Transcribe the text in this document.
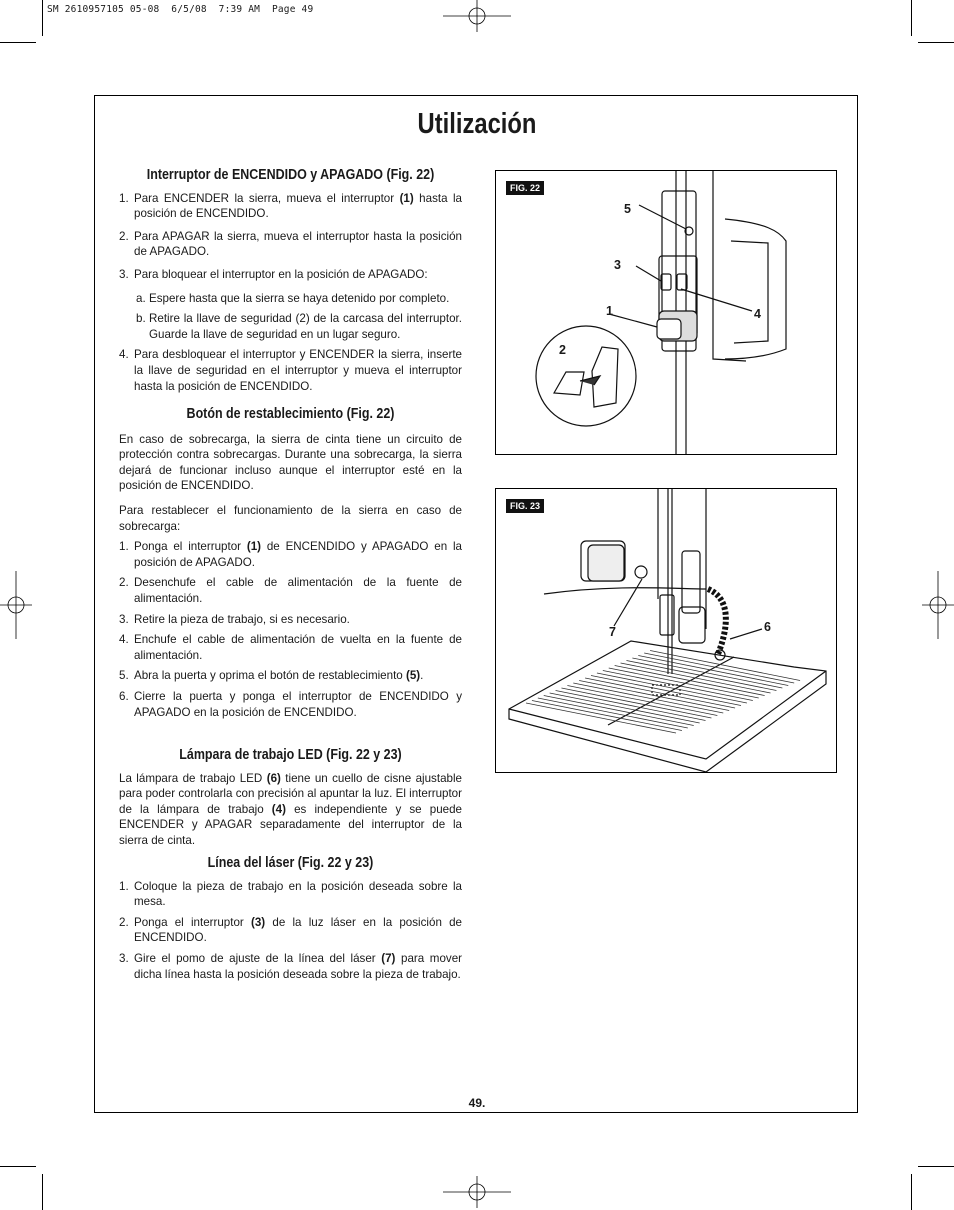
SM 2610957105 05-08  6/5/08  7:39 AM  Page 49
Utilización

Interruptor de ENCENDIDO y APAGADO (Fig. 22)

1. Para ENCENDER la sierra, mueva el interruptor (1) hasta la posición de ENCENDIDO.
2. Para APAGAR la sierra, mueva el interruptor hasta la posición de APAGADO.
3. Para bloquear el interruptor en la posición de APAGADO:
a. Espere hasta que la sierra se haya detenido por completo.
b. Retire la llave de seguridad (2) de la carcasa del interruptor. Guarde la llave de seguridad en un lugar seguro.
4. Para desbloquear el interruptor y ENCENDER la sierra, inserte la llave de seguridad en el interruptor y mueva el interruptor hasta la posición de ENCENDIDO.

Botón de restablecimiento (Fig. 22)

En caso de sobrecarga, la sierra de cinta tiene un circuito de protección contra sobrecargas. Durante una sobrecarga, la sierra dejará de funcionar incluso aunque el interruptor esté en la posición de ENCENDIDO.

Para restablecer el funcionamiento de la sierra en caso de sobrecarga:

1. Ponga el interruptor (1) de ENCENDIDO y APAGADO en la posición de APAGADO.
2. Desenchufe el cable de alimentación de la fuente de alimentación.
3. Retire la pieza de trabajo, si es necesario.
4. Enchufe el cable de alimentación de vuelta en la fuente de alimentación.
5. Abra la puerta y oprima el botón de restablecimiento (5).
6. Cierre la puerta y ponga el interruptor de ENCENDIDO y APAGADO en la posición de ENCENDIDO.

Lámpara de trabajo LED (Fig. 22 y 23)

La lámpara de trabajo LED (6) tiene un cuello de cisne ajustable para poder controlarla con precisión al apuntar la luz. El interruptor de la lámpara de trabajo (4) es independiente y se puede ENCENDER y APAGAR separadamente del interruptor de la sierra de cinta.

Línea del láser (Fig. 22 y 23)

1. Coloque la pieza de trabajo en la posición deseada sobre la mesa.
2. Ponga el interruptor (3) de la luz láser en la posición de ENCENDIDO.
3. Gire el pomo de ajuste de la línea del láser (7) para mover dicha línea hasta la posición deseada sobre la pieza de trabajo.
FIG. 22
5
3
1	4
2
FIG. 23
7	6
49.
